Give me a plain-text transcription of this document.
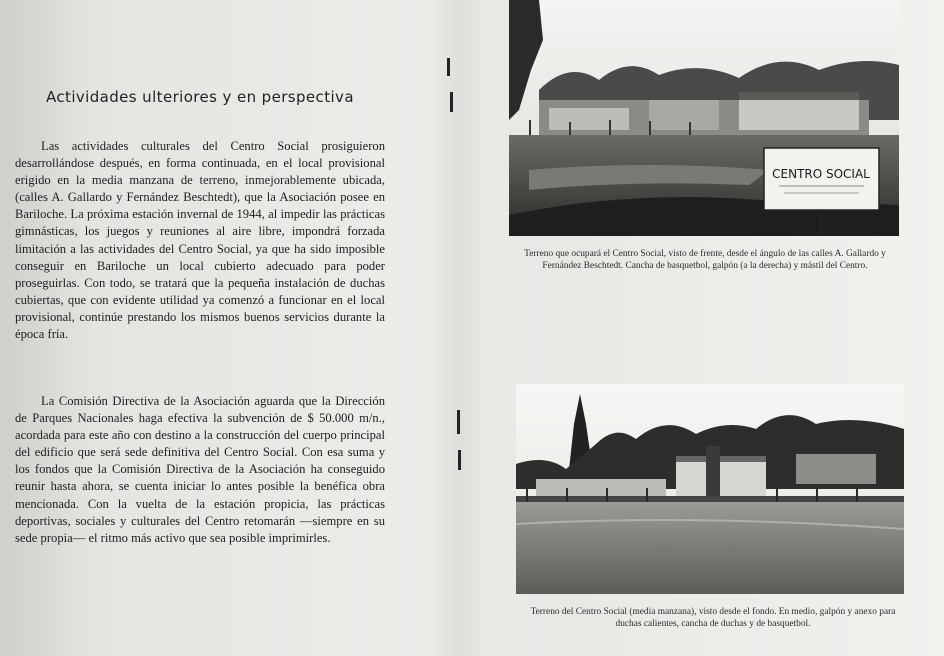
Actividades ulteriores y en perspectiva
Las actividades culturales del Centro Social prosiguieron desarrollándose después, en forma continuada, en el local provisional erigido en la media manzana de terreno, inmejorablemente ubicada, (calles A. Gallardo y Fernández Beschtedt), que la Asociación posee en Bariloche. La próxima estación invernal de 1944, al impedir las prácticas gimnásticas, los juegos y reuniones al aire libre, impondrá forzada limitación a las actividades del Centro Social, ya que ha sido imposible conseguir en Bariloche un local cubierto adecuado para poder proseguirlas. Con todo, se tratará que la pequeña instalación de duchas cubiertas, que con evidente utilidad ya comenzó a funcionar en el local provisional, continúe prestando los mismos buenos servicios durante la época fría.
La Comisión Directiva de la Asociación aguarda que la Dirección de Parques Nacionales haga efectiva la subvención de $ 50.000 m/n., acordada para este año con destino a la construcción del cuerpo principal del edificio que será sede definitiva del Centro Social. Con esa suma y los fondos que la Comisión Directiva de la Asociación ha conseguido reunir hasta ahora, se cuenta iniciar lo antes posible la benéfica obra mencionada. Con la vuelta de la estación propicia, las prácticas deportivas, sociales y culturales del Centro retomarán —siempre en su sede propia— el ritmo más activo que sea posible imprimirles.
CENTRO SOCIAL
Terreno que ocupará el Centro Social, visto de frente, desde el ángulo de las calles A. Gallardo y Fernández Beschtedt. Cancha de basquetbol, galpón (a la derecha) y mástil del Centro.
Terreno del Centro Social (media manzana), visto desde el fondo. En medio, galpón y anexo para duchas calientes, cancha de duchas y de basquetbol.
